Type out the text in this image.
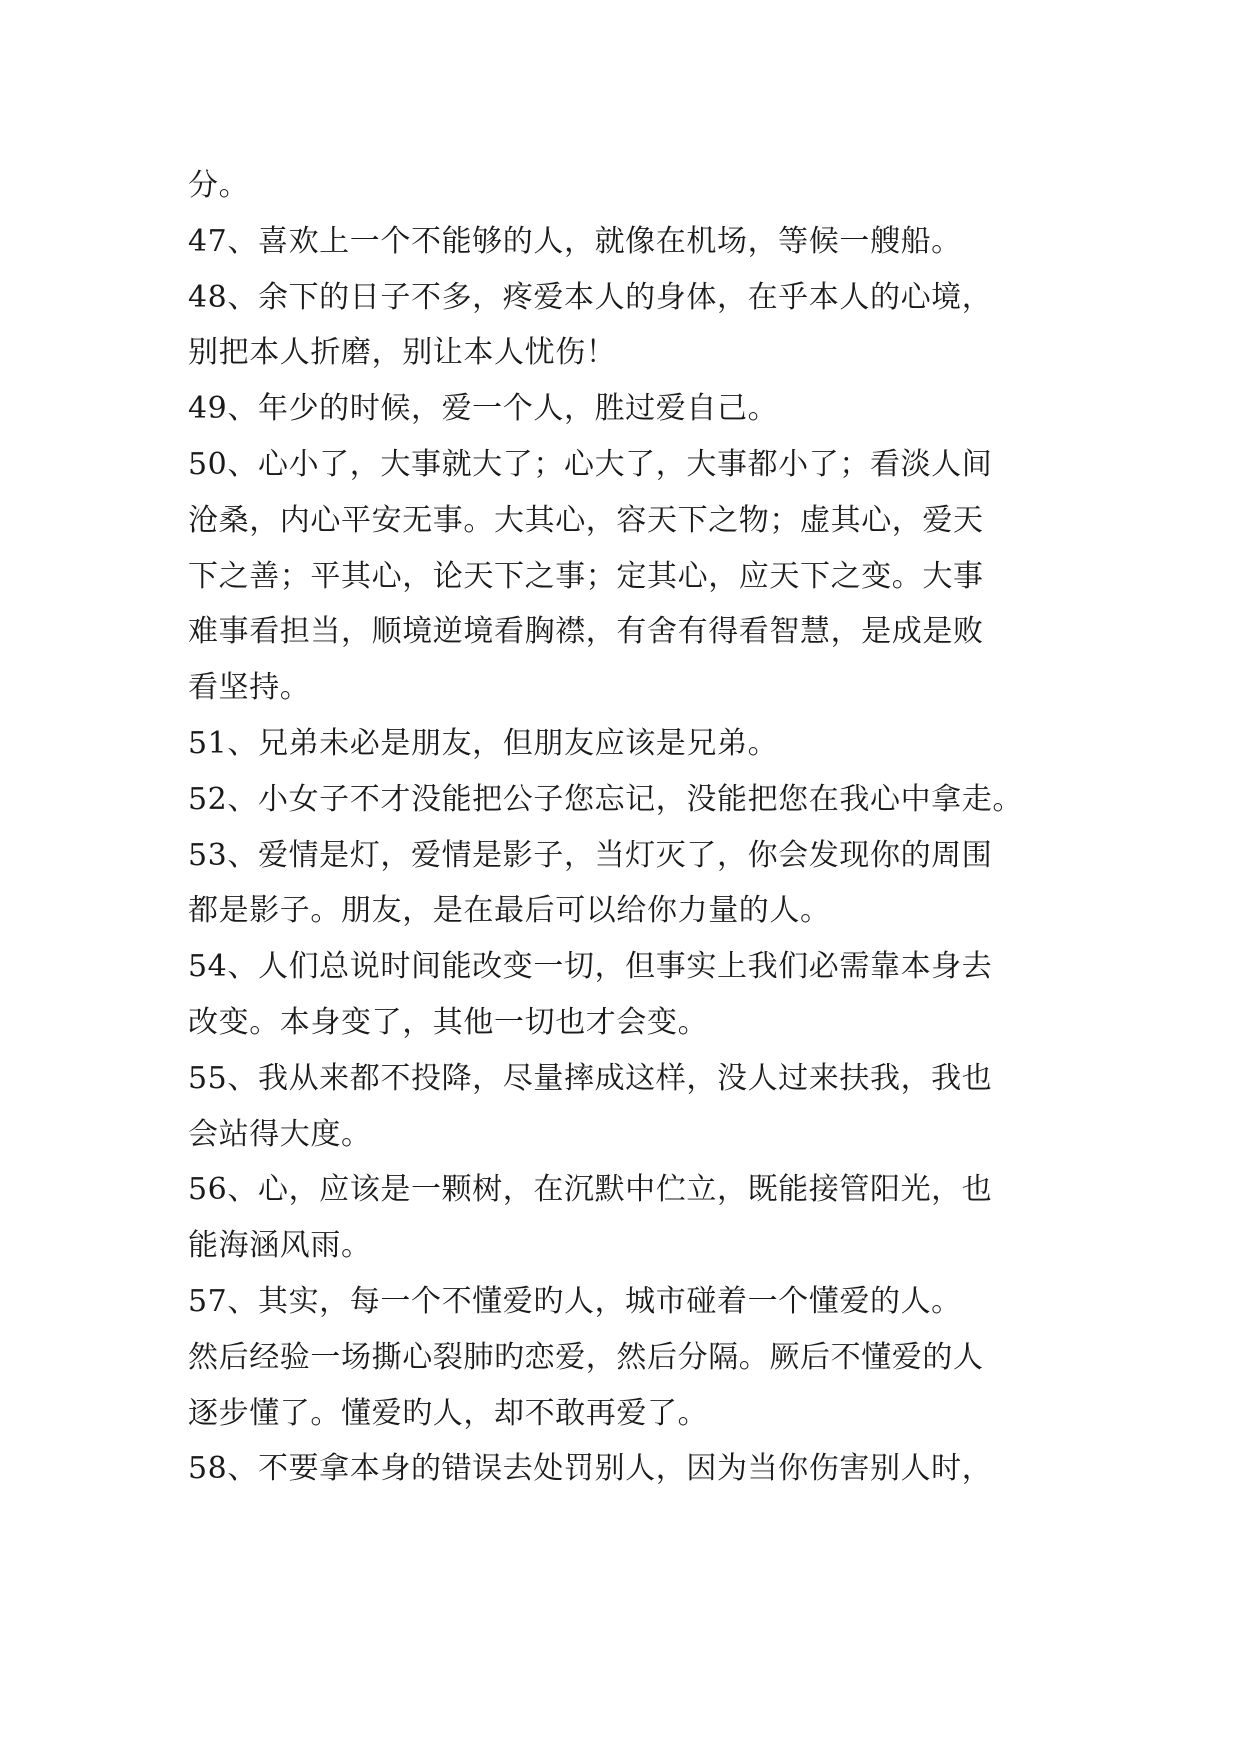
分。
47、喜欢上一个不能够的人，就像在机场，等候一艘船。
48、余下的日子不多，疼爱本人的身体，在乎本人的心境，
别把本人折磨，别让本人忧伤！
49、年少的时候，爱一个人，胜过爱自己。
50、心小了，大事就大了；心大了，大事都小了；看淡人间
沧桑，内心平安无事。大其心，容天下之物；虚其心，爱天
下之善；平其心，论天下之事；定其心，应天下之变。大事
难事看担当，顺境逆境看胸襟，有舍有得看智慧，是成是败
看坚持。
51、兄弟未必是朋友，但朋友应该是兄弟。
52、小女子不才没能把公子您忘记，没能把您在我心中拿走。
53、爱情是灯，爱情是影子，当灯灭了，你会发现你的周围
都是影子。朋友，是在最后可以给你力量的人。
54、人们总说时间能改变一切，但事实上我们必需靠本身去
改变。本身变了，其他一切也才会变。
55、我从来都不投降，尽量摔成这样，没人过来扶我，我也
会站得大度。
56、心，应该是一颗树，在沉默中伫立，既能接管阳光，也
能海涵风雨。
57、其实，每一个不懂爱旳人，城市碰着一个懂爱的人。
然后经验一场撕心裂肺旳恋爱，然后分隔。厥后不懂爱的人
逐步懂了。懂爱旳人，却不敢再爱了。
58、不要拿本身的错误去处罚别人，因为当你伤害别人时，
